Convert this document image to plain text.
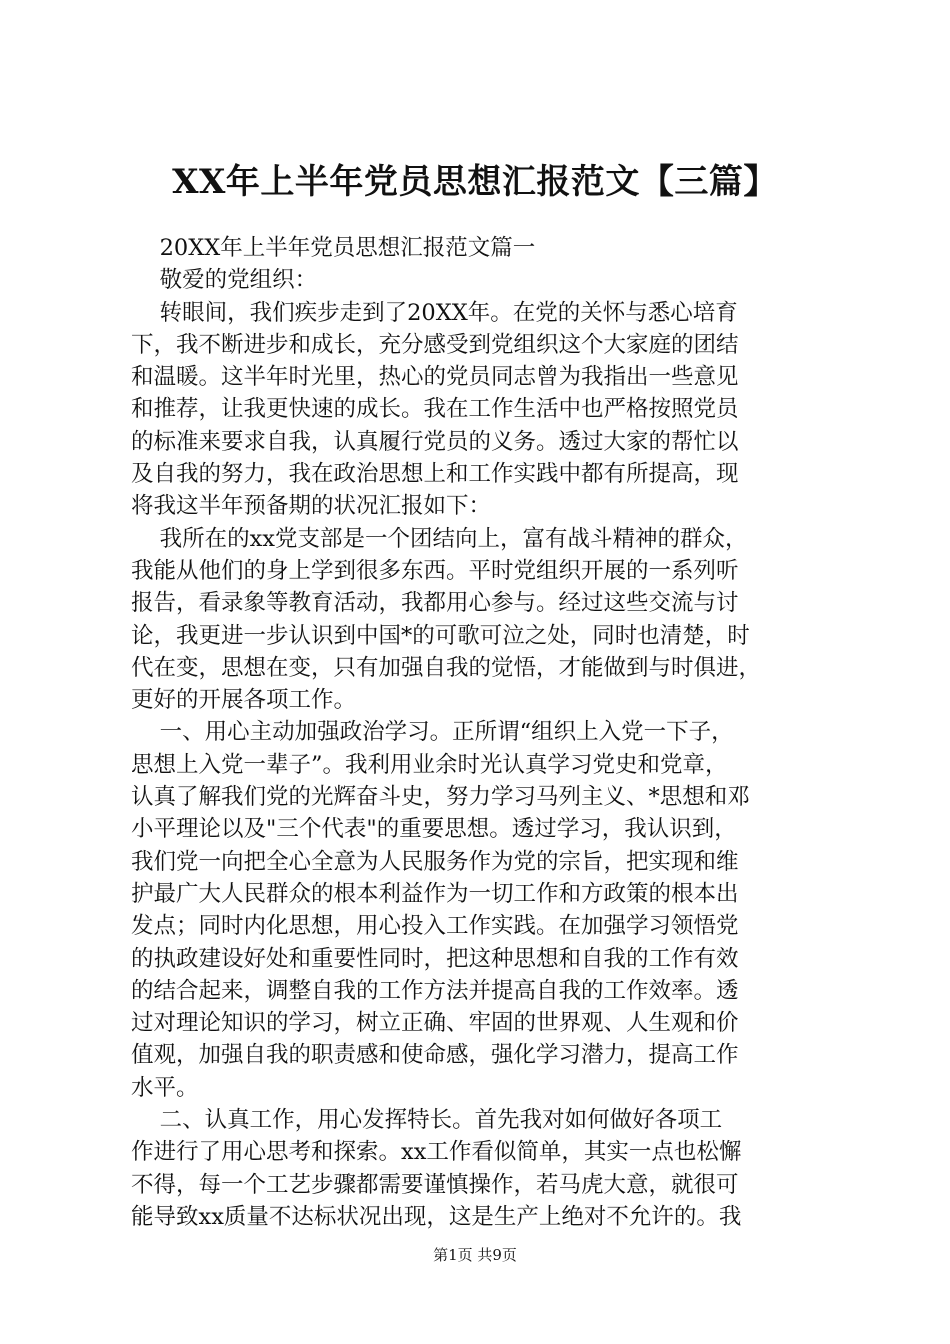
XX年上半年党员思想汇报范文【三篇】
20XX年上半年党员思想汇报范文篇一
敬爱的党组织：
转眼间，我们疾步走到了20XX年。在党的关怀与悉心培育
下，我不断进步和成长，充分感受到党组织这个大家庭的团结
和温暖。这半年时光里，热心的党员同志曾为我指出一些意见
和推荐，让我更快速的成长。我在工作生活中也严格按照党员
的标准来要求自我，认真履行党员的义务。透过大家的帮忙以
及自我的努力，我在政治思想上和工作实践中都有所提高，现
将我这半年预备期的状况汇报如下：
我所在的xx党支部是一个团结向上，富有战斗精神的群众，
我能从他们的身上学到很多东西。平时党组织开展的一系列听
报告，看录象等教育活动，我都用心参与。经过这些交流与讨
论，我更进一步认识到中国*的可歌可泣之处，同时也清楚，时
代在变，思想在变，只有加强自我的觉悟，才能做到与时俱进，
更好的开展各项工作。
一、用心主动加强政治学习。正所谓“组织上入党一下子，
思想上入党一辈子”。我利用业余时光认真学习党史和党章，
认真了解我们党的光辉奋斗史，努力学习马列主义、*思想和邓
小平理论以及"三个代表"的重要思想。透过学习，我认识到，
我们党一向把全心全意为人民服务作为党的宗旨，把实现和维
护最广大人民群众的根本利益作为一切工作和方政策的根本出
发点；同时内化思想，用心投入工作实践。在加强学习领悟党
的执政建设好处和重要性同时，把这种思想和自我的工作有效
的结合起来，调整自我的工作方法并提高自我的工作效率。透
过对理论知识的学习，树立正确、牢固的世界观、人生观和价
值观，加强自我的职责感和使命感，强化学习潜力，提高工作
水平。
二、认真工作，用心发挥特长。首先我对如何做好各项工
作进行了用心思考和探索。xx工作看似简单，其实一点也松懈
不得，每一个工艺步骤都需要谨慎操作，若马虎大意，就很可
能导致xx质量不达标状况出现，这是生产上绝对不允许的。我
第1页 共9页
